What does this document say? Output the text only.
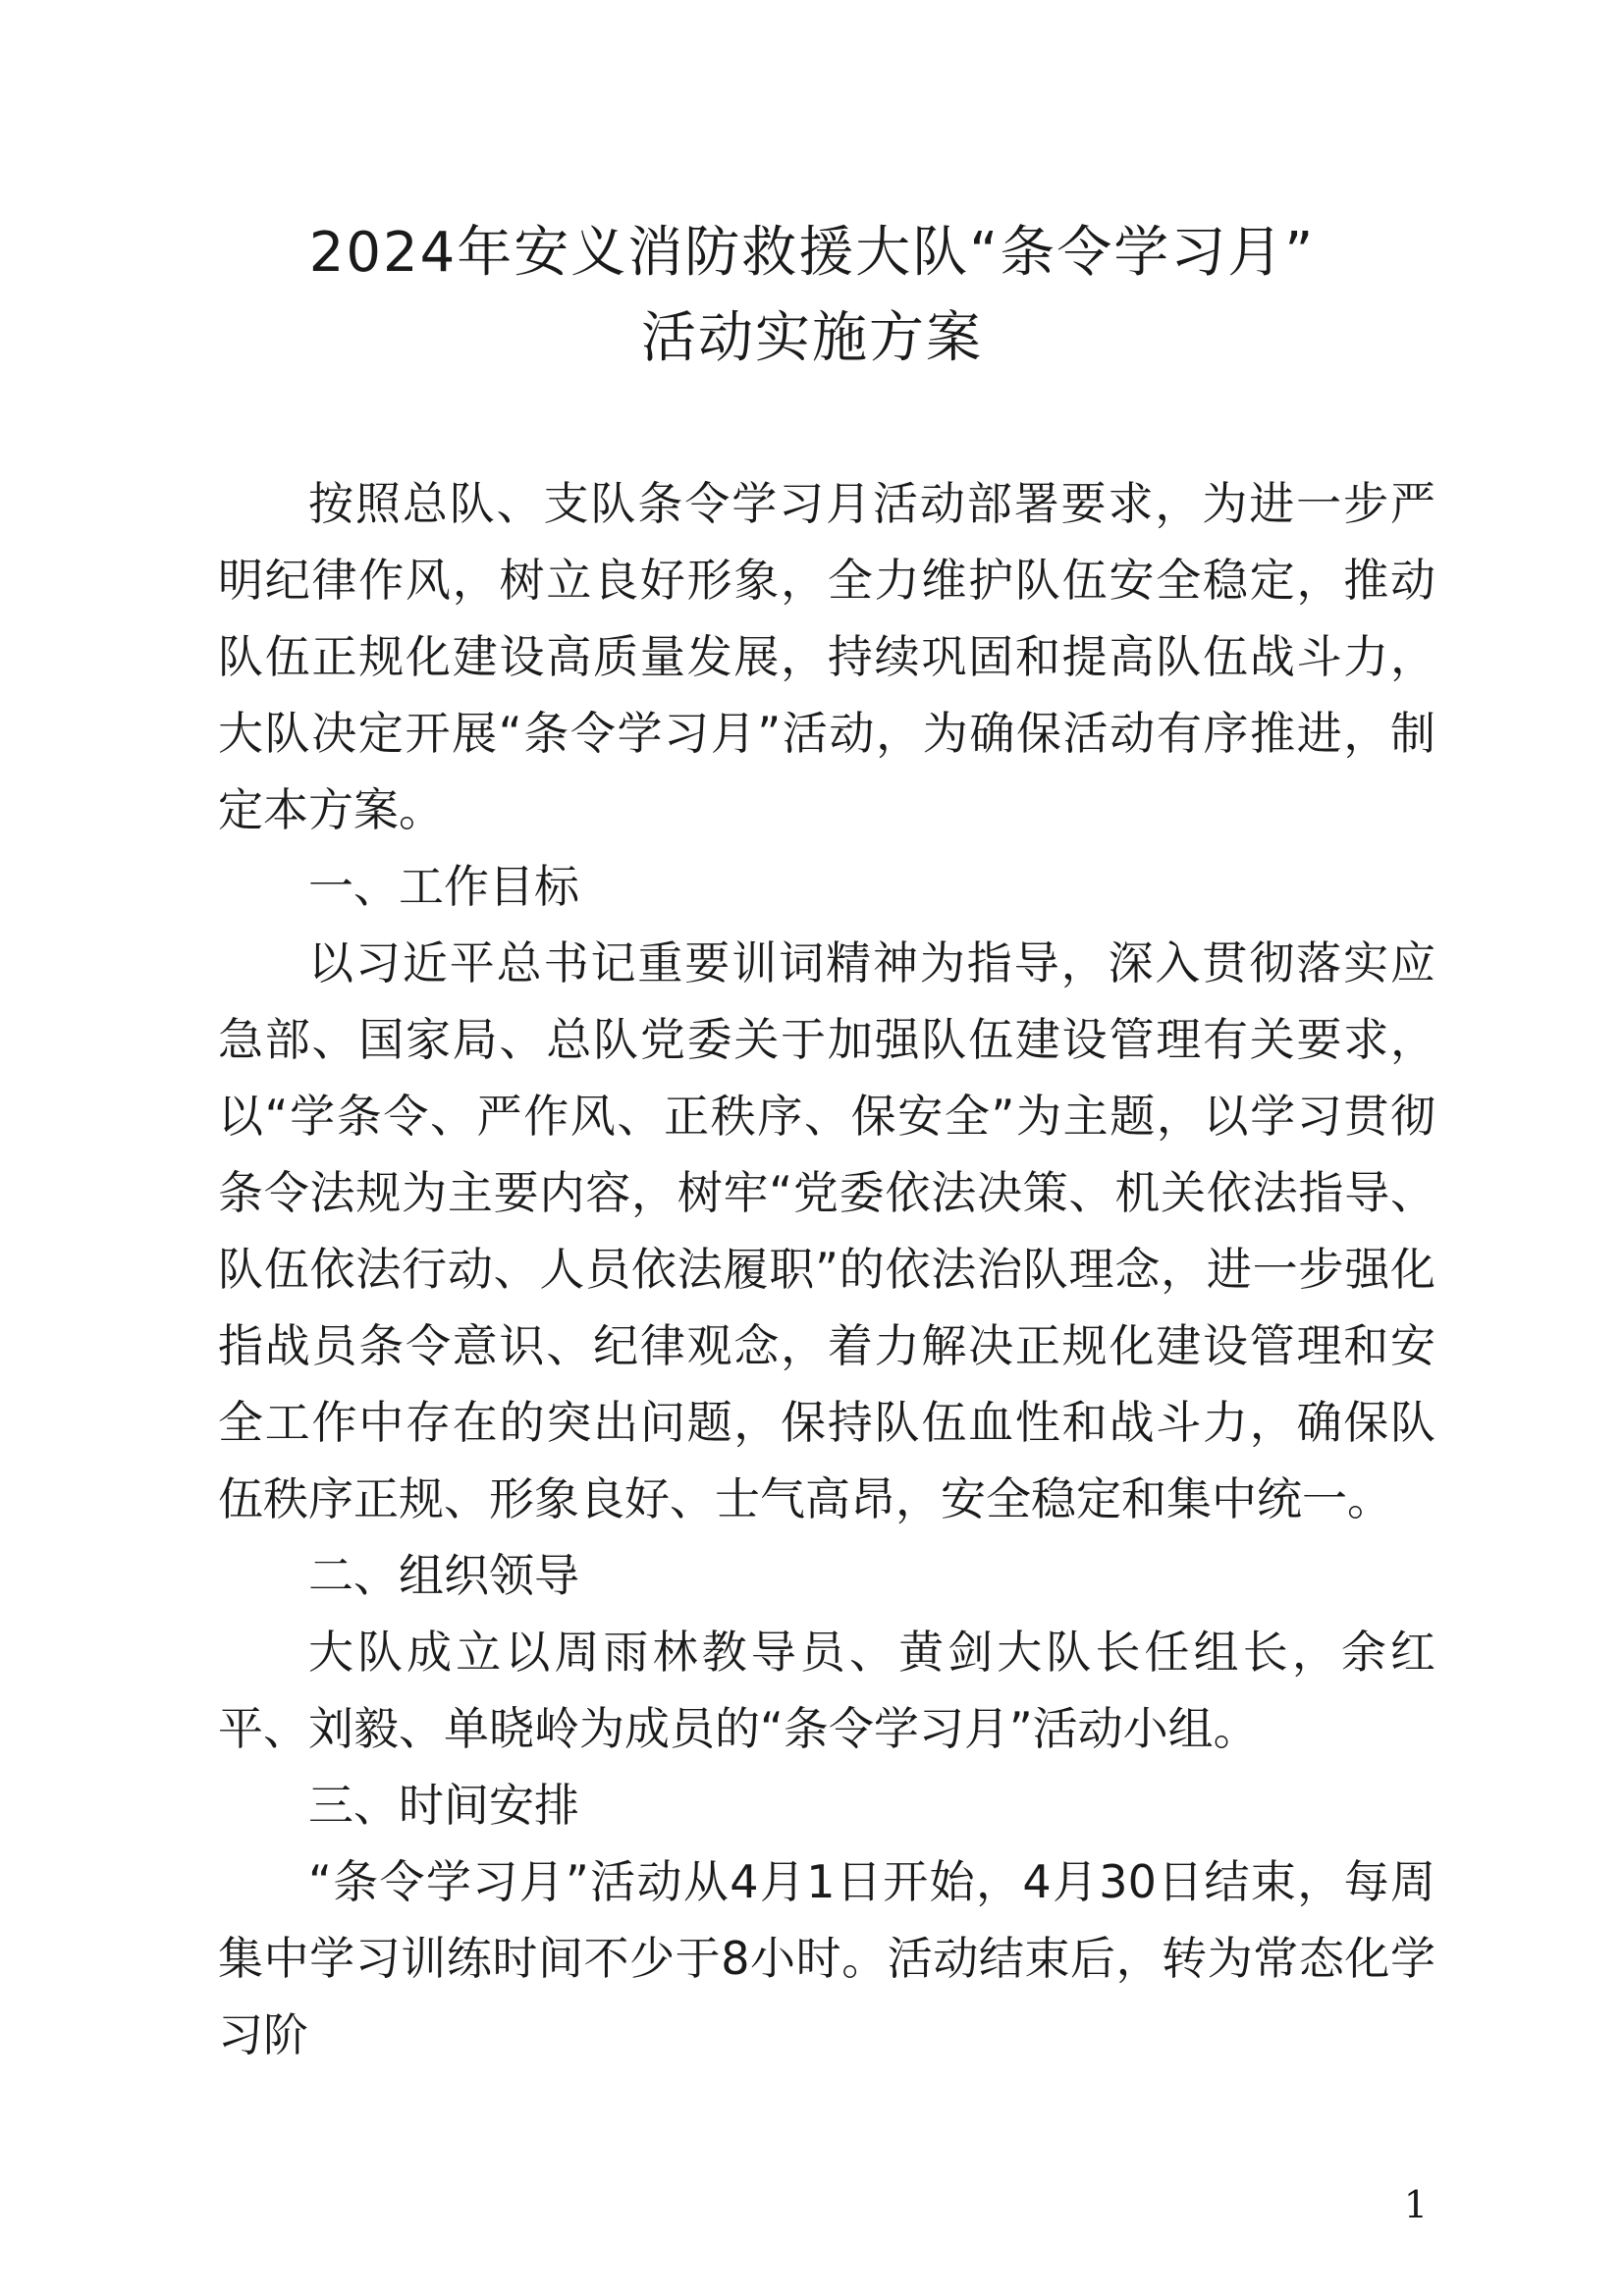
2024年安义消防救援大队“条令学习月”
活动实施方案

按照总队、支队条令学习月活动部署要求，为进一步严明纪律作风，树立良好形象，全力维护队伍安全稳定，推动队伍正规化建设高质量发展，持续巩固和提高队伍战斗力，大队决定开展“条令学习月”活动，为确保活动有序推进，制定本方案。

一、工作目标

以习近平总书记重要训词精神为指导，深入贯彻落实应急部、国家局、总队党委关于加强队伍建设管理有关要求，以“学条令、严作风、正秩序、保安全”为主题，以学习贯彻条令法规为主要内容，树牢“党委依法决策、机关依法指导、队伍依法行动、人员依法履职”的依法治队理念，进一步强化指战员条令意识、纪律观念，着力解决正规化建设管理和安全工作中存在的突出问题，保持队伍血性和战斗力，确保队伍秩序正规、形象良好、士气高昂，安全稳定和集中统一。

二、组织领导

大队成立以周雨林教导员、黄剑大队长任组长，余红平、刘毅、单晓岭为成员的“条令学习月”活动小组。

三、时间安排

“条令学习月”活动从4月1日开始，4月30日结束，每周集中学习训练时间不少于8小时。活动结束后，转为常态化学习阶

1
